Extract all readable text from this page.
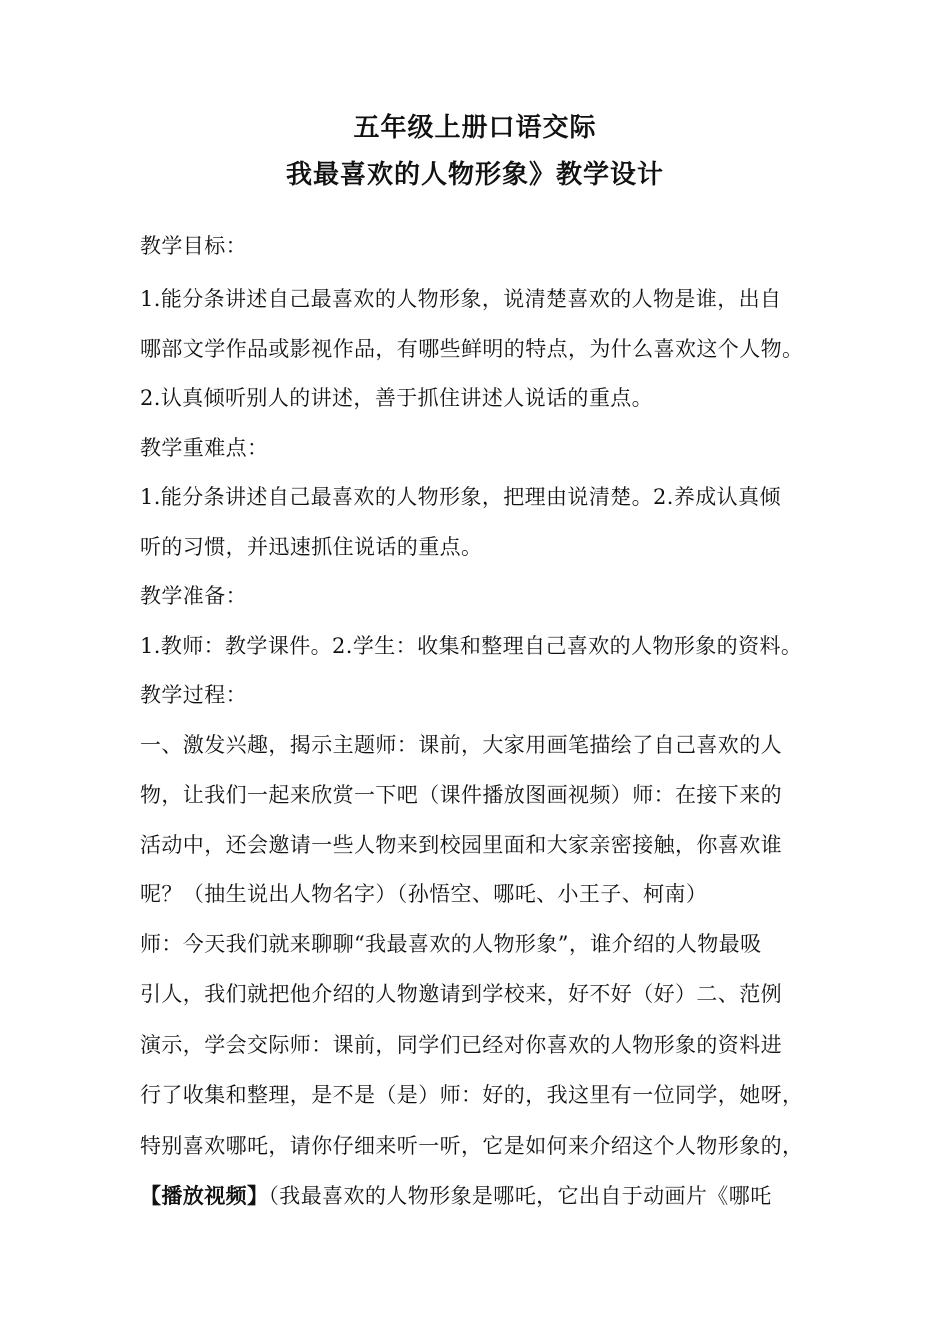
五年级上册口语交际
我最喜欢的人物形象》教学设计
教学目标：
1.能分条讲述自己最喜欢的人物形象，说清楚喜欢的人物是谁，出自
哪部文学作品或影视作品，有哪些鲜明的特点，为什么喜欢这个人物。
2.认真倾听别人的讲述，善于抓住讲述人说话的重点。
教学重难点：
1.能分条讲述自己最喜欢的人物形象，把理由说清楚。2.养成认真倾
听的习惯，并迅速抓住说话的重点。
教学准备：
1.教师：教学课件。2.学生：收集和整理自己喜欢的人物形象的资料。
教学过程：
一、激发兴趣，揭示主题师：课前，大家用画笔描绘了自己喜欢的人
物，让我们一起来欣赏一下吧（课件播放图画视频）师：在接下来的
活动中，还会邀请一些人物来到校园里面和大家亲密接触，你喜欢谁
呢？（抽生说出人物名字）（孙悟空、哪吒、小王子、柯南）
师：今天我们就来聊聊“我最喜欢的人物形象”，谁介绍的人物最吸
引人，我们就把他介绍的人物邀请到学校来，好不好（好）二、范例
演示，学会交际师：课前，同学们已经对你喜欢的人物形象的资料进
行了收集和整理，是不是（是）师：好的，我这里有一位同学，她呀，
特别喜欢哪吒，请你仔细来听一听，它是如何来介绍这个人物形象的，
【播放视频】（我最喜欢的人物形象是哪吒，它出自于动画片《哪吒
